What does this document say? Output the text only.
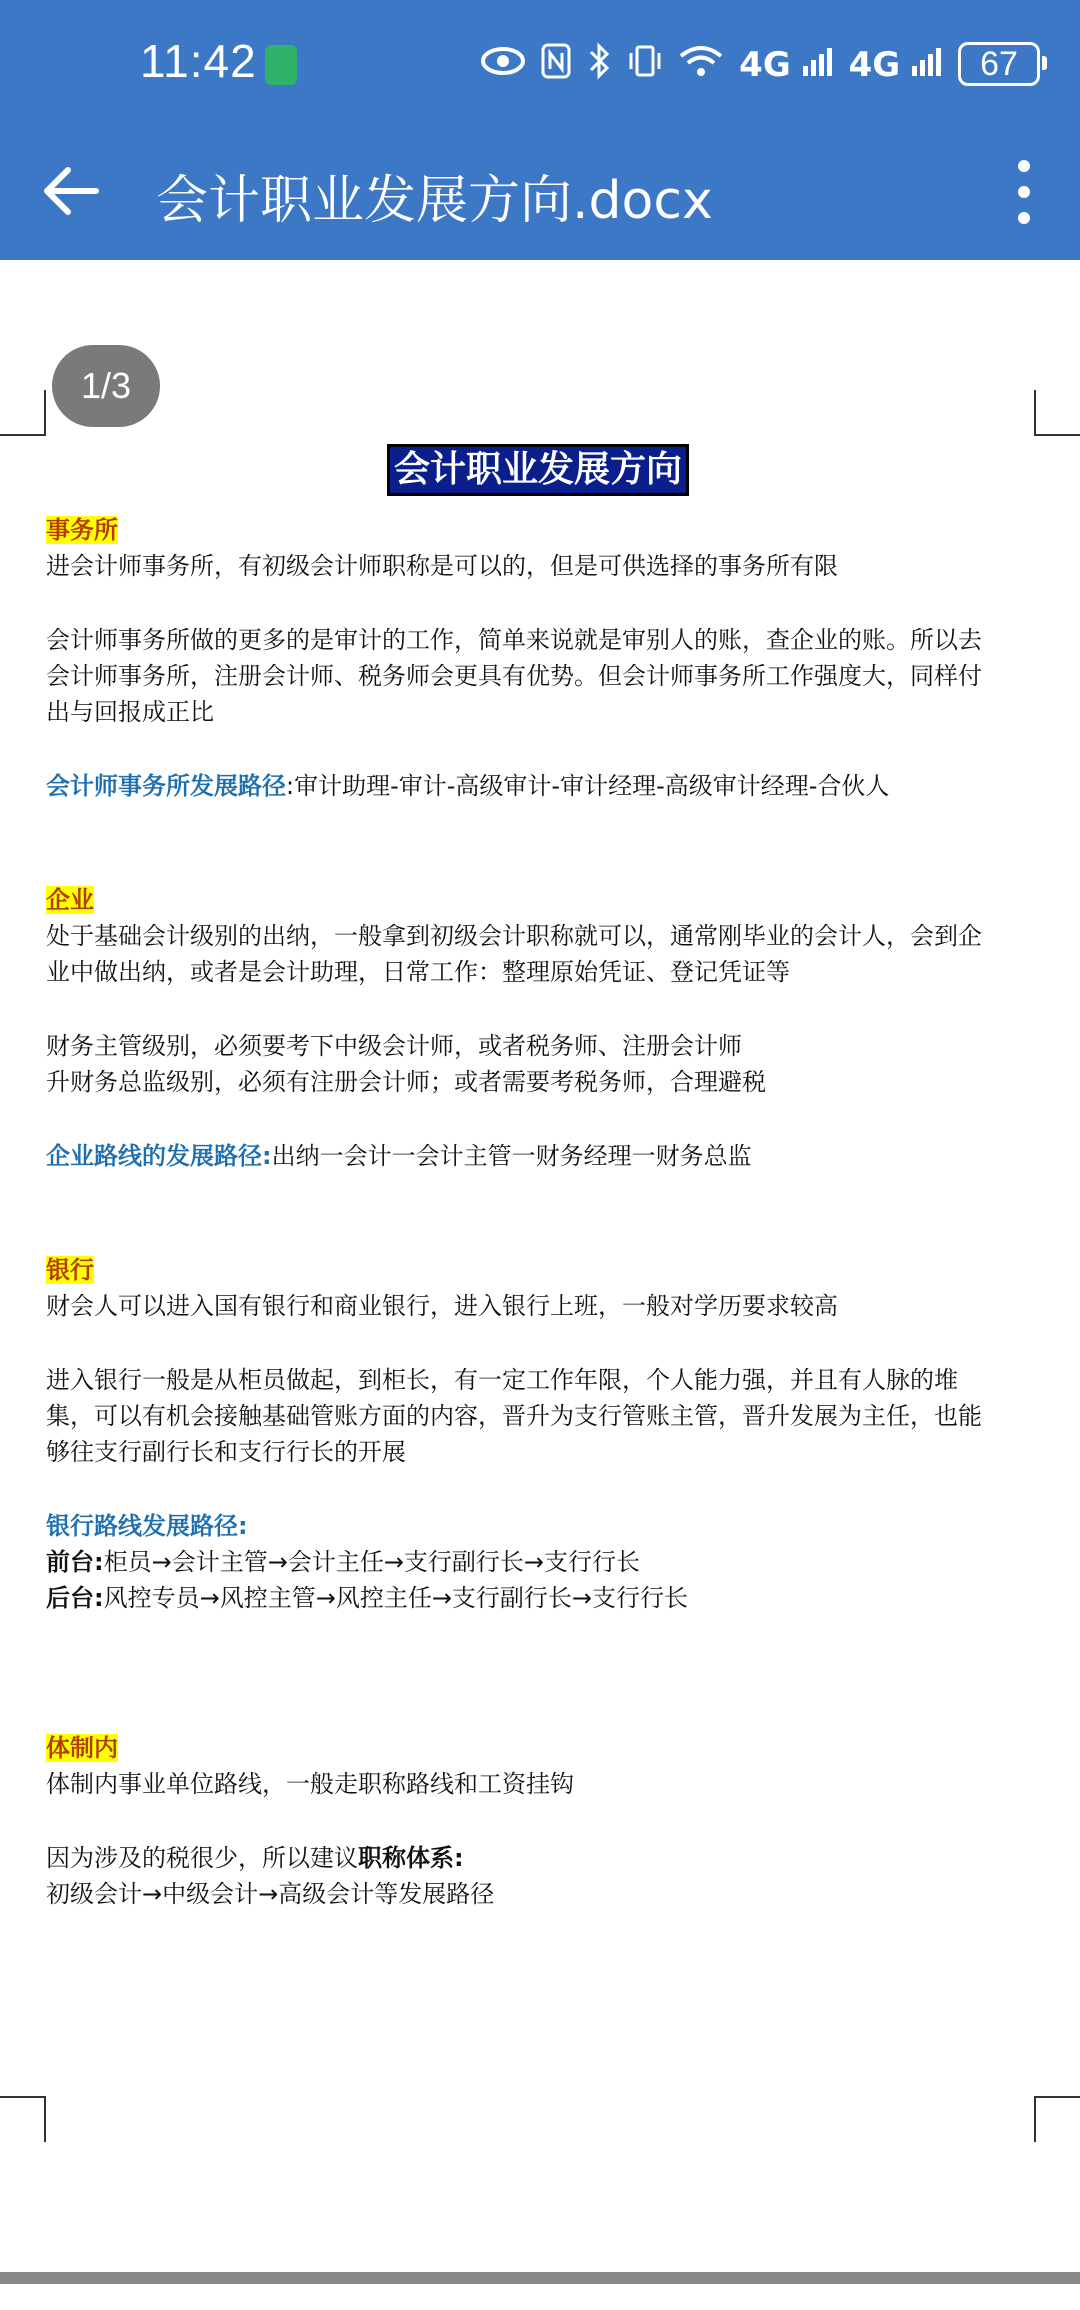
11:42	4G	4G	67
会计职业发展方向.docx
1/3
会计职业发展方向
事务所
进会计师事务所，有初级会计师职称是可以的，但是可供选择的事务所有限
会计师事务所做的更多的是审计的工作，简单来说就是审别人的账，查企业的账。所以去
会计师事务所，注册会计师、税务师会更具有优势。但会计师事务所工作强度大，同样付
出与回报成正比
会计师事务所发展路径:审计助理-审计-高级审计-审计经理-高级审计经理-合伙人
企业
处于基础会计级别的出纳，一般拿到初级会计职称就可以，通常刚毕业的会计人，会到企
业中做出纳，或者是会计助理，日常工作：整理原始凭证、登记凭证等
财务主管级别，必须要考下中级会计师，或者税务师、注册会计师
升财务总监级别，必须有注册会计师；或者需要考税务师，合理避税
企业路线的发展路径:出纳一会计一会计主管一财务经理一财务总监
银行
财会人可以进入国有银行和商业银行，进入银行上班，一般对学历要求较高
进入银行一般是从柜员做起，到柜长，有一定工作年限，个人能力强，并且有人脉的堆
集，可以有机会接触基础管账方面的内容，晋升为支行管账主管，晋升发展为主任，也能
够往支行副行长和支行行长的开展
银行路线发展路径:
前台:柜员→会计主管→会计主任→支行副行长→支行行长
后台:风控专员→风控主管→风控主任→支行副行长→支行行长
体制内
体制内事业单位路线，一般走职称路线和工资挂钩
因为涉及的税很少，所以建议职称体系:
初级会计→中级会计→高级会计等发展路径
